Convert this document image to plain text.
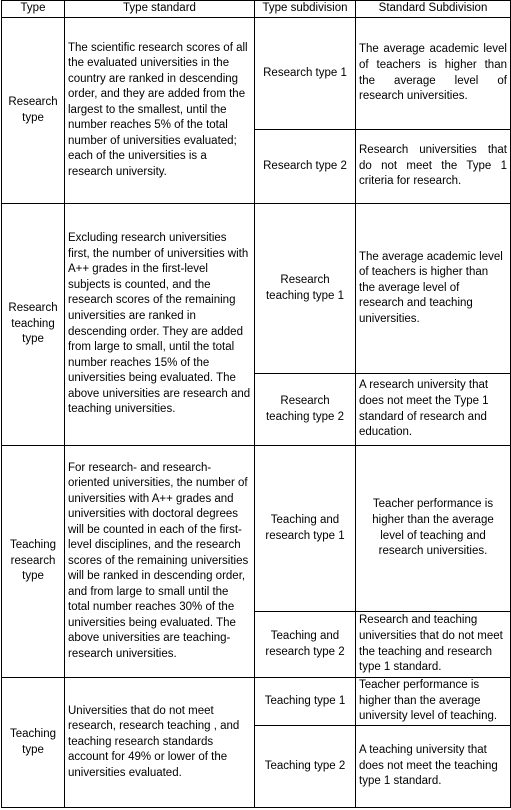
Type	Type standard	Type subdivision	Standard Subdivision
Research type	The scientific research scores of all the evaluated universities in the country are ranked in descending order, and they are added from the largest to the smallest, until the number reaches 5% of the total number of universities evaluated; each of the universities is a research university.	Research type 1	The average academic level of teachers is higher than the average level of research universities.
		Research type 2	Research universities that do not meet the Type 1 criteria for research.
Research teaching type	Excluding research universities first, the number of universities with A++ grades in the first-level subjects is counted, and the research scores of the remaining universities are ranked in descending order. They are added from large to small, until the total number reaches 15% of the universities being evaluated. The above universities are research and teaching universities.	Research teaching type 1	The average academic level of teachers is higher than the average level of research and teaching universities.
		Research teaching type 2	A research university that does not meet the Type 1 standard of research and education.
Teaching research type	For research- and research-oriented universities, the number of universities with A++ grades and universities with doctoral degrees will be counted in each of the first-level disciplines, and the research scores of the remaining universities will be ranked in descending order, and from large to small until the total number reaches 30% of the universities being evaluated. The above universities are teaching-research universities.	Teaching and research type 1	Teacher performance is higher than the average level of teaching and research universities.
		Teaching and research type 2	Research and teaching universities that do not meet the teaching and research type 1 standard.
Teaching type	Universities that do not meet research, research teaching , and teaching research standards account for 49% or lower of the universities evaluated.	Teaching type 1	Teacher performance is higher than the average university level of teaching.
		Teaching type 2	A teaching university that does not meet the teaching type 1 standard.
